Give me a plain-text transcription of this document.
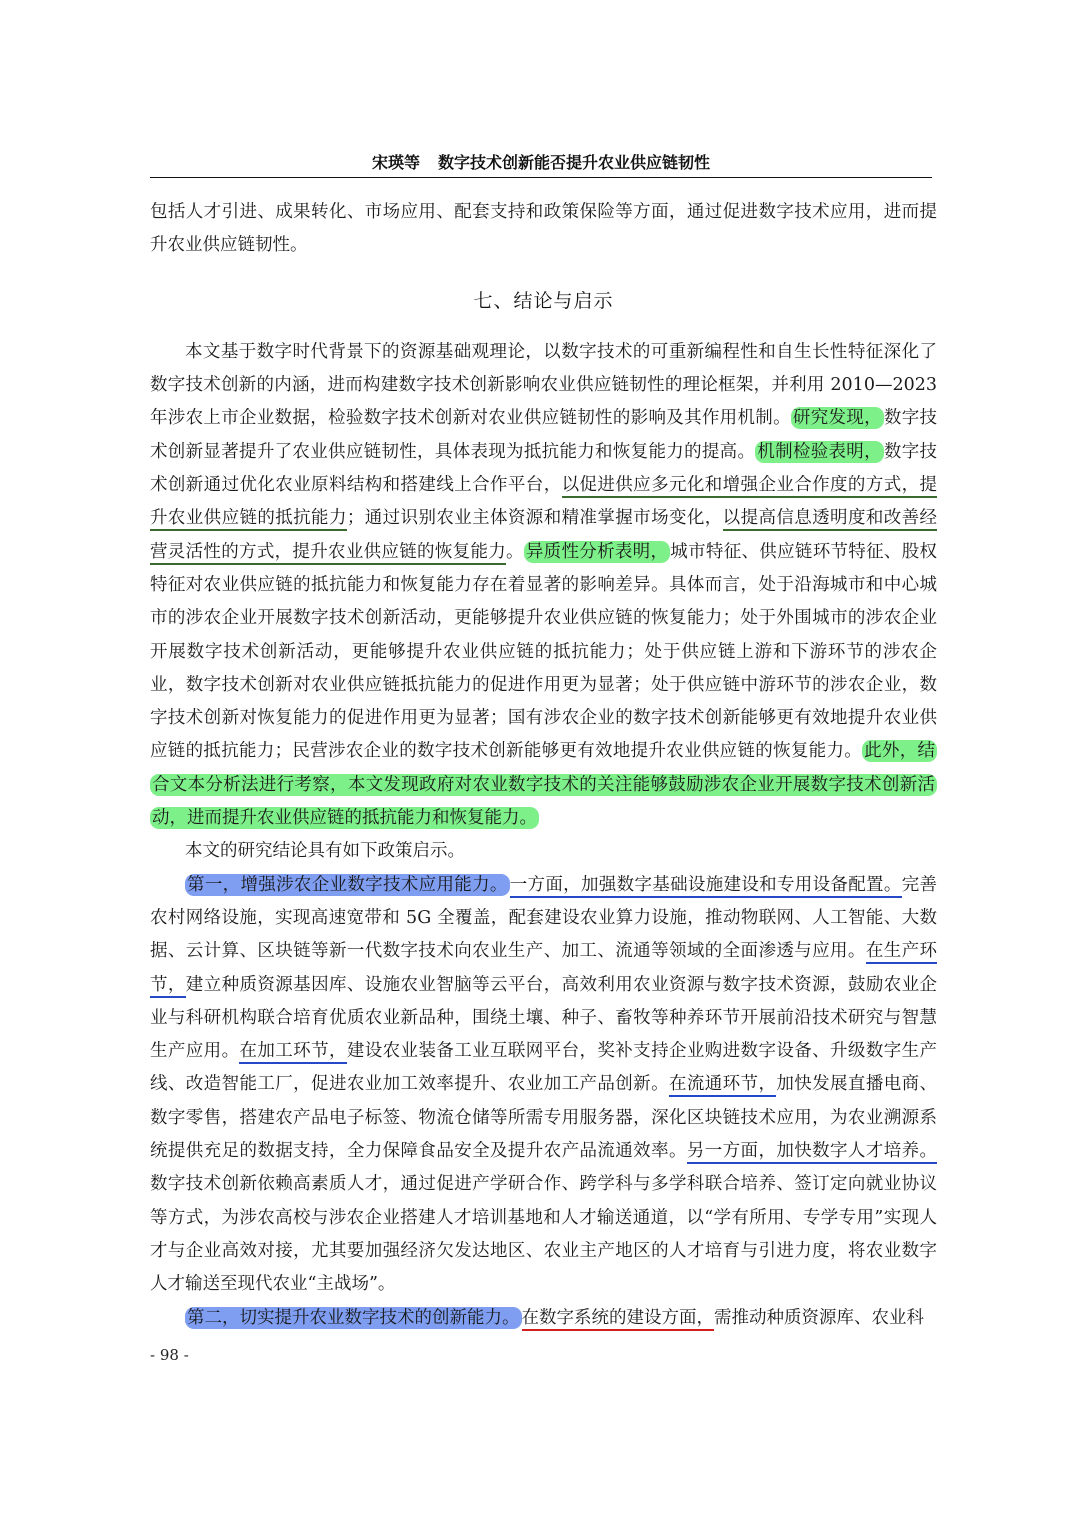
宋瑛等 数字技术创新能否提升农业供应链韧性

包括人才引进、成果转化、市场应用、配套支持和政策保险等方面，通过促进数字技术应用，进而提升农业供应链韧性。

七、结论与启示

本文基于数字时代背景下的资源基础观理论，以数字技术的可重新编程性和自生长性特征深化了数字技术创新的内涵，进而构建数字技术创新影响农业供应链韧性的理论框架，并利用 2010—2023 年涉农上市企业数据，检验数字技术创新对农业供应链韧性的影响及其作用机制。 研究发现， 数字技术创新显著提升了农业供应链韧性，具体表现为抵抗能力和恢复能力的提高。 机制检验表明， 数字技术创新通过优化农业原料结构和搭建线上合作平台，以促进供应多元化和增强企业合作度的方式，提升农业供应链的抵抗能力；通过识别农业主体资源和精准掌握市场变化，以提高信息透明度和改善经营灵活性的方式，提升农业供应链的恢复能力。 异质性分析表明， 城市特征、供应链环节特征、股权特征对农业供应链的抵抗能力和恢复能力存在着显著的影响差异。具体而言，处于沿海城市和中心城市的涉农企业开展数字技术创新活动，更能够提升农业供应链的恢复能力；处于外围城市的涉农企业开展数字技术创新活动，更能够提升农业供应链的抵抗能力；处于供应链上游和下游环节的涉农企业，数字技术创新对农业供应链抵抗能力的促进作用更为显著；处于供应链中游环节的涉农企业，数字技术创新对恢复能力的促进作用更为显著；国有涉农企业的数字技术创新能够更有效地提升农业供应链的抵抗能力；民营涉农企业的数字技术创新能够更有效地提升农业供应链的恢复能力。 此外，结合文本分析法进行考察，本文发现政府对农业数字技术的关注能够鼓励涉农企业开展数字技术创新活动，进而提升农业供应链的抵抗能力和恢复能力。

本文的研究结论具有如下政策启示。

第一，增强涉农企业数字技术应用能力。 一方面，加强数字基础设施建设和专用设备配置。完善农村网络设施，实现高速宽带和 5G 全覆盖，配套建设农业算力设施，推动物联网、人工智能、大数据、云计算、区块链等新一代数字技术向农业生产、加工、流通等领域的全面渗透与应用。在生产环节，建立种质资源基因库、设施农业智脑等云平台，高效利用农业资源与数字技术资源，鼓励农业企业与科研机构联合培育优质农业新品种，围绕土壤、种子、畜牧等种养环节开展前沿技术研究与智慧生产应用。在加工环节，建设农业装备工业互联网平台，奖补支持企业购进数字设备、升级数字生产线、改造智能工厂，促进农业加工效率提升、农业加工产品创新。在流通环节，加快发展直播电商、数字零售，搭建农产品电子标签、物流仓储等所需专用服务器，深化区块链技术应用，为农业溯源系统提供充足的数据支持，全力保障食品安全及提升农产品流通效率。另一方面，加快数字人才培养。数字技术创新依赖高素质人才，通过促进产学研合作、跨学科与多学科联合培养、签订定向就业协议等方式，为涉农高校与涉农企业搭建人才培训基地和人才输送通道，以“学有所用、专学专用”实现人才与企业高效对接，尤其要加强经济欠发达地区、农业主产地区的人才培育与引进力度，将农业数字人才输送至现代农业“主战场”。

第二，切实提升农业数字技术的创新能力。 在数字系统的建设方面，需推动种质资源库、农业科

- 98 -
